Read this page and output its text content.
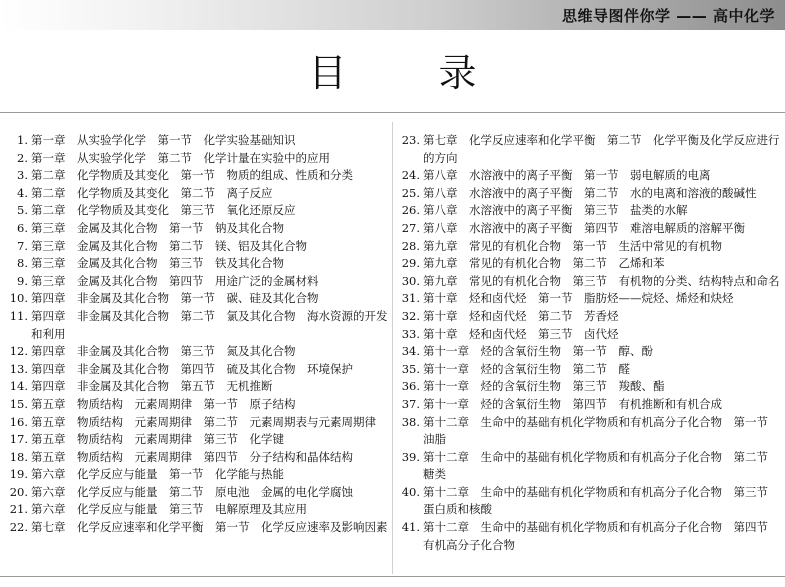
思维导图伴你学 —— 高中化学
目 录
1. 第一章　从实验学化学　第一节　化学实验基础知识
2. 第一章　从实验学化学　第二节　化学计量在实验中的应用
3. 第二章　化学物质及其变化　第一节　物质的组成、性质和分类
4. 第二章　化学物质及其变化　第二节　离子反应
5. 第二章　化学物质及其变化　第三节　氧化还原反应
6. 第三章　金属及其化合物　第一节　钠及其化合物
7. 第三章　金属及其化合物　第二节　镁、铝及其化合物
8. 第三章　金属及其化合物　第三节　铁及其化合物
9. 第三章　金属及其化合物　第四节　用途广泛的金属材料
10. 第四章　非金属及其化合物　第一节　碳、硅及其化合物
11. 第四章　非金属及其化合物　第二节　氯及其化合物　海水资源的开发和利用
12. 第四章　非金属及其化合物　第三节　氮及其化合物
13. 第四章　非金属及其化合物　第四节　硫及其化合物　环境保护
14. 第四章　非金属及其化合物　第五节　无机推断
15. 第五章　物质结构　元素周期律　第一节　原子结构
16. 第五章　物质结构　元素周期律　第二节　元素周期表与元素周期律
17. 第五章　物质结构　元素周期律　第三节　化学键
18. 第五章　物质结构　元素周期律　第四节　分子结构和晶体结构
19. 第六章　化学反应与能量　第一节　化学能与热能
20. 第六章　化学反应与能量　第二节　原电池　金属的电化学腐蚀
21. 第六章　化学反应与能量　第三节　电解原理及其应用
22. 第七章　化学反应速率和化学平衡　第一节　化学反应速率及影响因素
23. 第七章　化学反应速率和化学平衡　第二节　化学平衡及化学反应进行的方向
24. 第八章　水溶液中的离子平衡　第一节　弱电解质的电离
25. 第八章　水溶液中的离子平衡　第二节　水的电离和溶液的酸碱性
26. 第八章　水溶液中的离子平衡　第三节　盐类的水解
27. 第八章　水溶液中的离子平衡　第四节　难溶电解质的溶解平衡
28. 第九章　常见的有机化合物　第一节　生活中常见的有机物
29. 第九章　常见的有机化合物　第二节　乙烯和苯
30. 第九章　常见的有机化合物　第三节　有机物的分类、结构特点和命名
31. 第十章　烃和卤代烃　第一节　脂肪烃——烷烃、烯烃和炔烃
32. 第十章　烃和卤代烃　第二节　芳香烃
33. 第十章　烃和卤代烃　第三节　卤代烃
34. 第十一章　烃的含氧衍生物　第一节　醇、酚
35. 第十一章　烃的含氧衍生物　第二节　醛
36. 第十一章　烃的含氧衍生物　第三节　羧酸、酯
37. 第十一章　烃的含氧衍生物　第四节　有机推断和有机合成
38. 第十二章　生命中的基础有机化学物质和有机高分子化合物　第一节　油脂
39. 第十二章　生命中的基础有机化学物质和有机高分子化合物　第二节　糖类
40. 第十二章　生命中的基础有机化学物质和有机高分子化合物　第三节　蛋白质和核酸
41. 第十二章　生命中的基础有机化学物质和有机高分子化合物　第四节　有机高分子化合物
